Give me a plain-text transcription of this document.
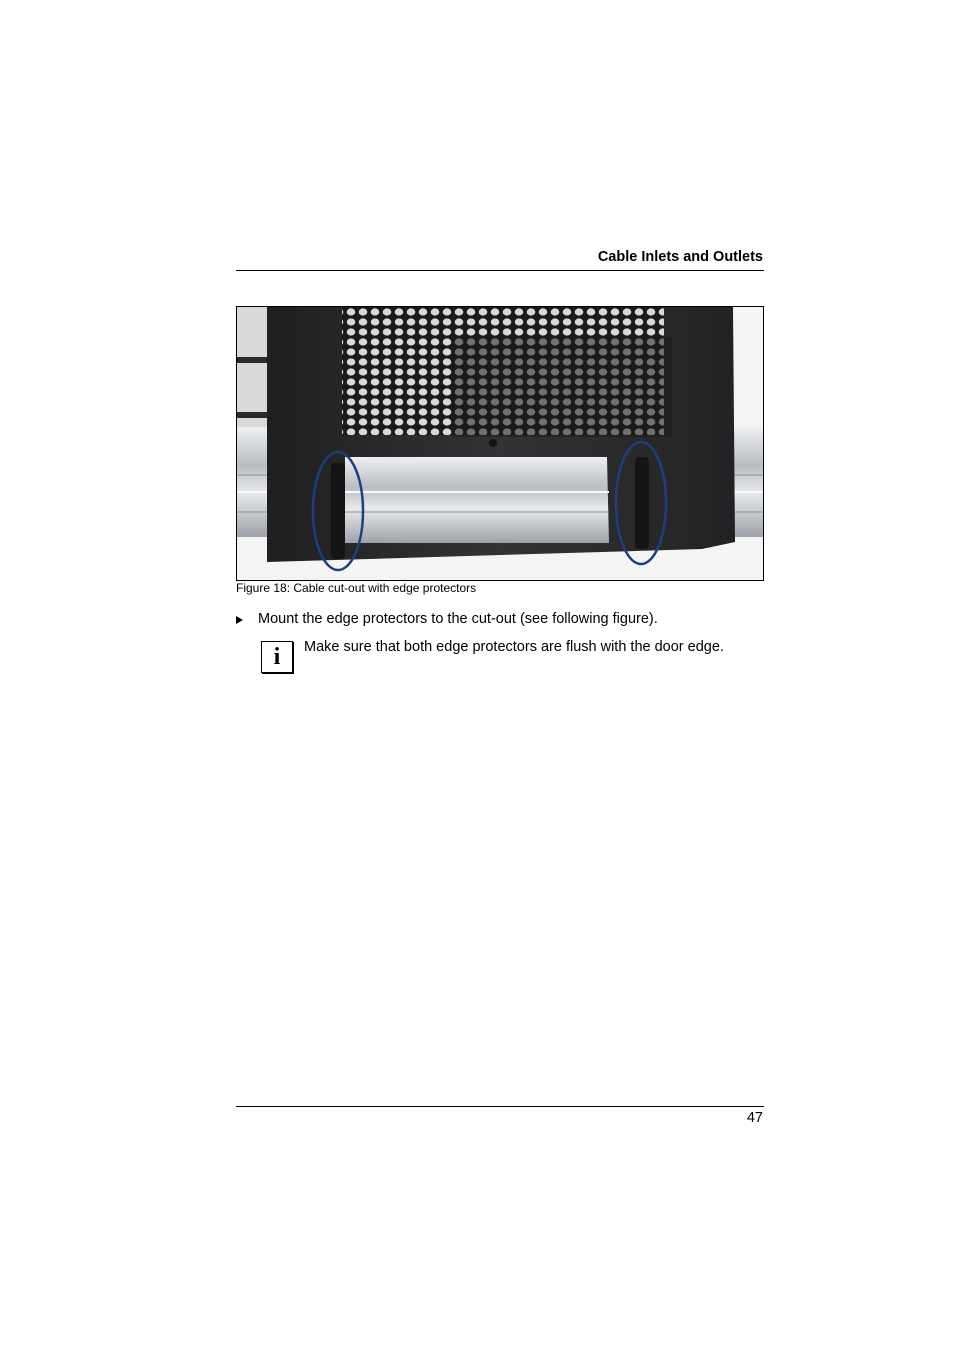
Cable Inlets and Outlets
Figure 18: Cable cut-out with edge protectors
Mount the edge protectors to the cut-out (see following figure).
i	Make sure that both edge protectors are flush with the door edge.
47
